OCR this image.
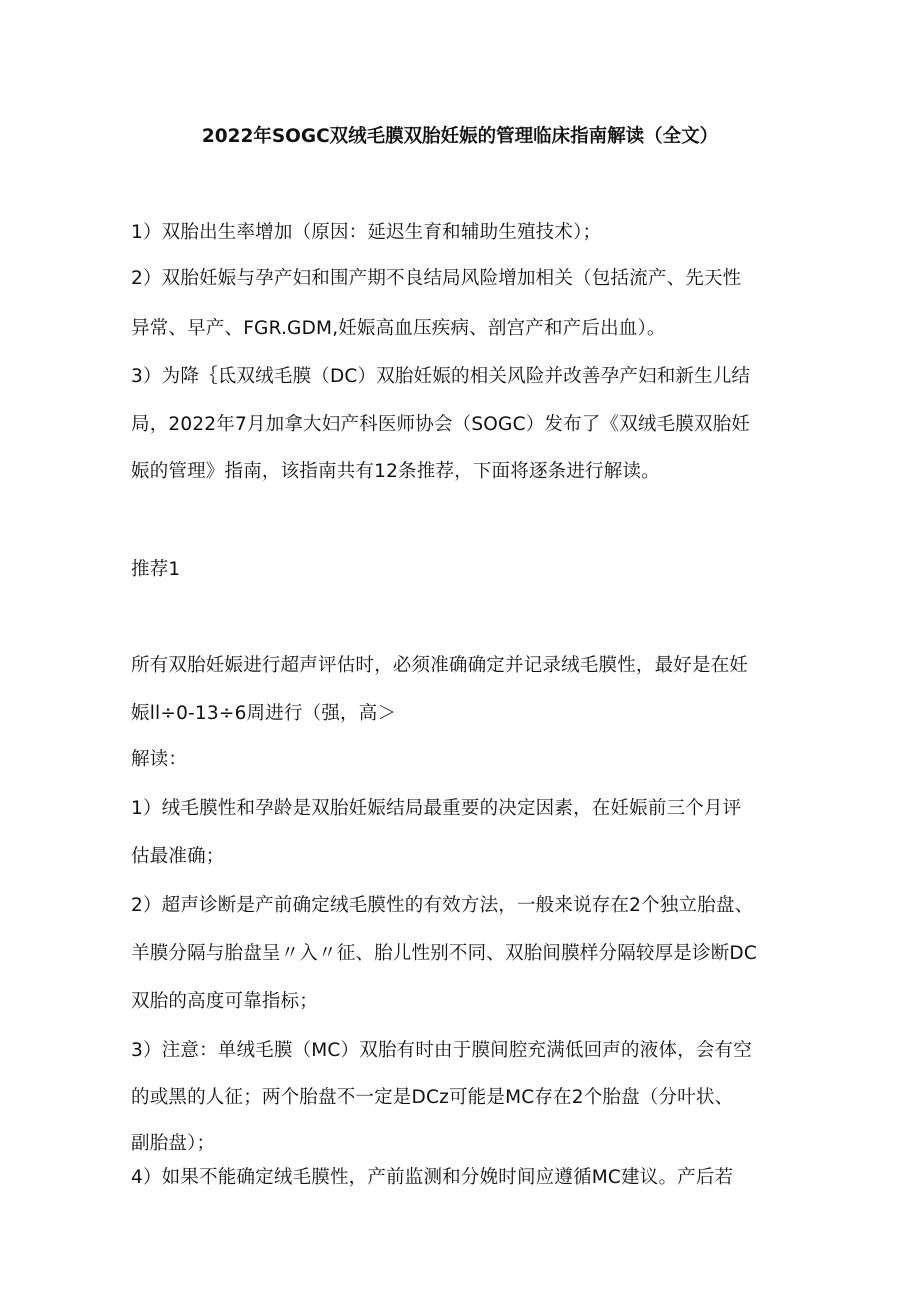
2022年SOGC双绒毛膜双胎妊娠的管理临床指南解读（全文）
1）双胎出生率增加（原因：延迟生育和辅助生殖技术）；
2）双胎妊娠与孕产妇和围产期不良结局风险增加相关（包括流产、先天性
异常、早产、FGR.GDM,妊娠高血压疾病、剖宫产和产后出血）。
3）为降｛氐双绒毛膜（DC）双胎妊娠的相关风险并改善孕产妇和新生儿结
局，2022年7月加拿大妇产科医师协会（SOGC）发布了《双绒毛膜双胎妊
娠的管理》指南，该指南共有12条推荐，下面将逐条进行解读。
推荐1
所有双胎妊娠进行超声评估时，必须准确确定并记录绒毛膜性，最好是在妊
娠ll÷0-13÷6周进行（强，高＞
解读：
1）绒毛膜性和孕龄是双胎妊娠结局最重要的决定因素，在妊娠前三个月评
估最准确；
2）超声诊断是产前确定绒毛膜性的有效方法，一般来说存在2个独立胎盘、
羊膜分隔与胎盘呈〃入〃征、胎儿性别不同、双胎间膜样分隔较厚是诊断DC
双胎的高度可靠指标；
3）注意：单绒毛膜（MC）双胎有时由于膜间腔充满低回声的液体，会有空
的或黑的人征；两个胎盘不一定是DCz可能是MC存在2个胎盘（分叶状、
副胎盘）；
4）如果不能确定绒毛膜性，产前监测和分娩时间应遵循MC建议。产后若
